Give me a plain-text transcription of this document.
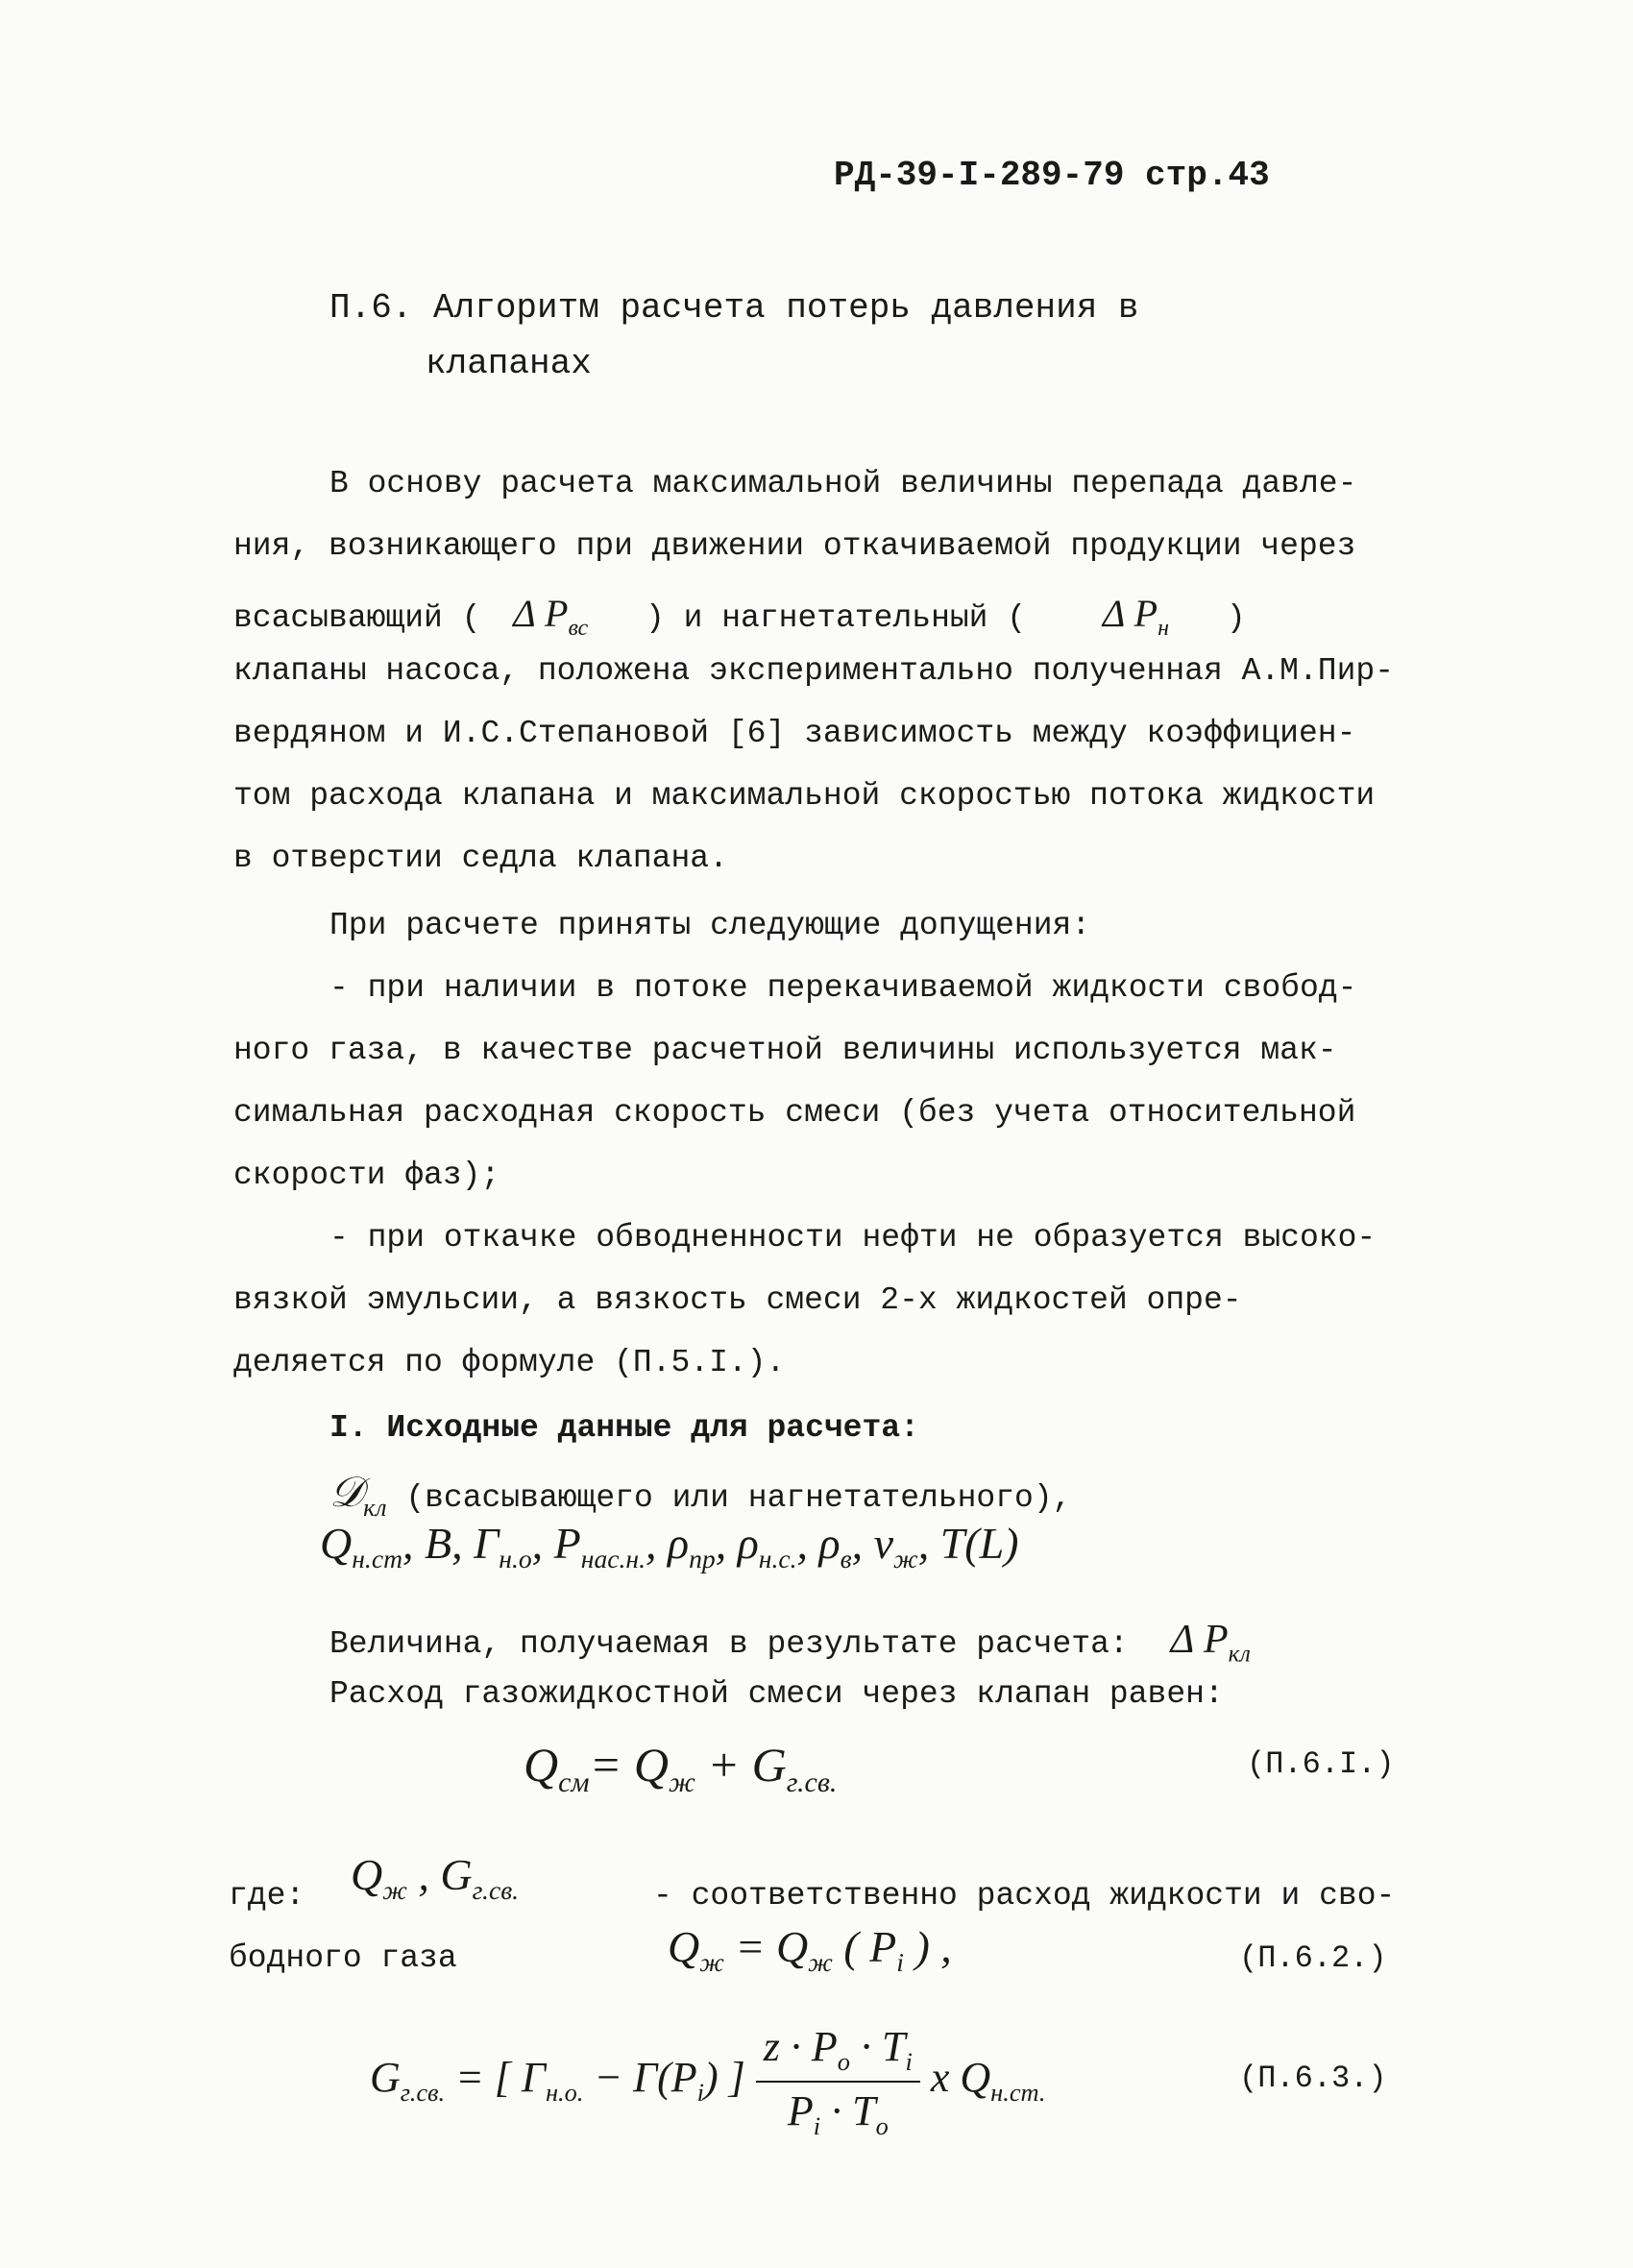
РД-39-I-289-79 стр.43
П.6. Алгоритм расчета потерь давления в
клапанах
В основу расчета максимальной величины перепада давле-
ния, возникающего при движении откачиваемой продукции через
всасывающий ( Δ $P_{вс}$ ) и нагнетательный ( Δ $P_н$ )
клапаны насоса, положена экспериментально полученная А.М.Пир-
вердяном и И.С.Степановой [6] зависимость между коэффициен-
том расхода клапана и максимальной скоростью потока жидкости
в отверстии седла клапана.
При расчете приняты следующие допущения:
- при наличии в потоке перекачиваемой жидкости свобод-
ного газа, в качестве расчетной величины используется мак-
симальная расходная скорость смеси (без учета относительной
скорости фаз);
- при откачке обводненности нефти не образуется высоко-
вязкой эмульсии, а вязкость смеси 2-х жидкостей опре-
деляется по формуле (П.5.I.).
I. Исходные данные для расчета:
𝒟$_{кл}$ (всасывающего или нагнетательного),
$Q_{н.ст}$, B, $Г_{н.о}$, $P_{нас.н.}$, $\rho_{пр}$, $\rho_{н.с.}$, $\rho_в$, $\nu_ж$, T(L)
Величина, получаемая в результате расчета: Δ $P_{кл}$
Расход газожидкостной смеси через клапан равен:
$Q_{см}= Q_ж + G_{г.св.}$
(П.6.I.)
где: $Q_ж$ , $G_{г.св.}$	- соответственно расход жидкости и сво-
бодного газа	$Q_ж = Q_ж$ ( $P_i$ ) ,	(П.6.2.)
$G_{г.св.}$ = [ $Г_{н.о.} - Г(P_i)$ ] $\frac{z \cdot P_o \cdot T_i}{P_i \cdot T_o}$ x $Q_{н.ст.}$	(П.6.3.)
